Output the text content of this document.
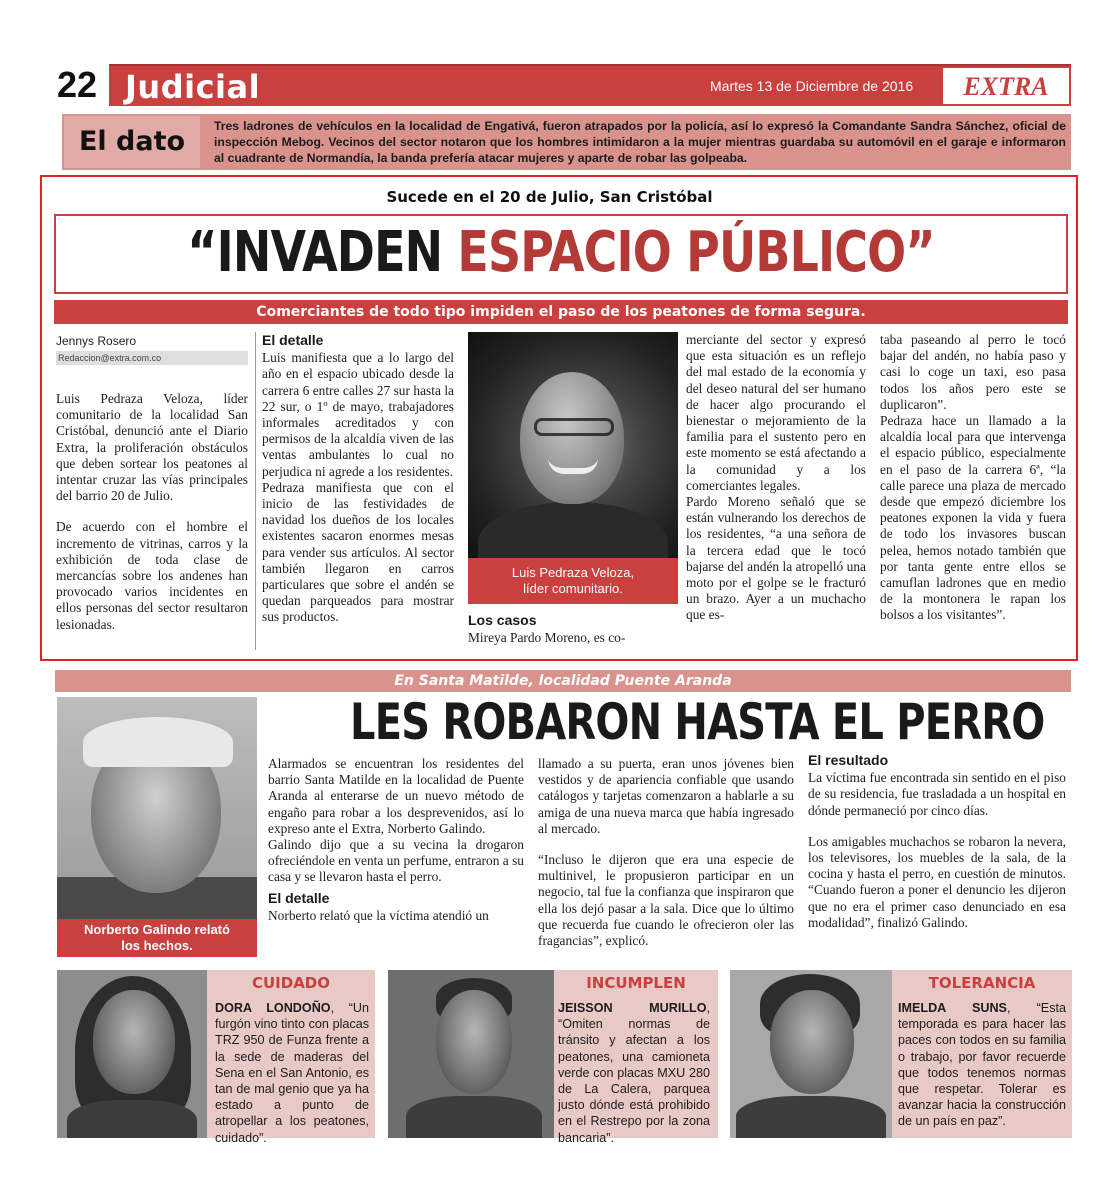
22 Judicial	Martes 13 de Diciembre de 2016	EXTRA
El dato	Tres ladrones de vehículos en la localidad de Engativá, fueron atrapados por la policía, así lo expresó la Comandante Sandra Sánchez, oficial de inspección Mebog. Vecinos del sector notaron que los hombres intimidaron a la mujer mientras guardaba su automóvil en el garaje e informaron al cuadrante de Normandía, la banda prefería atacar mujeres y aparte de robar las golpeaba.
Sucede en el 20 de Julio, San Cristóbal
“INVADEN ESPACIO PÚBLICO”
Comerciantes de todo tipo impiden el paso de los peatones de forma segura.
Jennys Rosero
Redaccion@extra.com.co

Luis Pedraza Veloza, líder comunitario de la localidad San Cristóbal, denunció ante el Diario Extra, la proliferación obstáculos que deben sortear los peatones al intentar cruzar las vías principales del barrio 20 de Julio.

De acuerdo con el hombre el incremento de vitrinas, carros y la exhibición de toda clase de mercancías sobre los andenes han provocado varios incidentes en ellos personas del sector resultaron lesionadas.

El detalle

Luis manifiesta que a lo largo del año en el espacio ubicado desde la carrera 6 entre calles 27 sur hasta la 22 sur, o 1º de mayo, trabajadores informales acreditados y con permisos de la alcaldía viven de las ventas ambulantes lo cual no perjudica ni agrede a los residentes.

Pedraza manifiesta que con el inicio de las festividades de navidad los dueños de los locales existentes sacaron enormes mesas para vender sus artículos. Al sector también llegaron en carros particulares que sobre el andén se quedan parqueados para mostrar sus productos.

Luis Pedraza Veloza,
líder comunitario.
Los casos

Mireya Pardo Moreno, es co-

merciante del sector y expresó que esta situación es un reflejo del mal estado de la economía y del deseo natural del ser humano de hacer algo procurando el bienestar o mejoramiento de la familia para el sustento pero en este momento se está afectando a la comunidad y a los comerciantes legales.

Pardo Moreno señaló que se están vulnerando los derechos de los residentes, “a una señora de la tercera edad que le tocó bajarse del andén la atropelló una moto por el golpe se le fracturó un brazo. Ayer a un muchacho que es-

taba paseando al perro le tocó bajar del andén, no había paso y casi lo coge un taxi, eso pasa todos los años pero este se duplicaron”.

Pedraza hace un llamado a la alcaldía local para que intervenga el espacio público, especialmente en el paso de la carrera 6ª, “la calle parece una plaza de mercado desde que empezó diciembre los peatones exponen la vida y fuera de todo los invasores buscan pelea, hemos notado también que por tanta gente entre ellos se camuflan ladrones que en medio de la montonera le rapan los bolsos a los visitantes”.

En Santa Matilde, localidad Puente Aranda
LES ROBARON HASTA EL PERRO
Norberto Galindo relató
los hechos.

Alarmados se encuentran los residentes del barrio Santa Matilde en la localidad de Puente Aranda al enterarse de un nuevo método de engaño para robar a los desprevenidos, así lo expreso ante el Extra, Norberto Galindo.

Galindo dijo que a su vecina la drogaron ofreciéndole en venta un perfume, entraron a su casa y se llevaron hasta el perro.

El detalle

Norberto relató que la víctima atendió un

llamado a su puerta, eran unos jóvenes bien vestidos y de apariencia confiable que usando catálogos y tarjetas comenzaron a hablarle a su amiga de una nueva marca que había ingresado al mercado.

“Incluso le dijeron que era una especie de multinivel, le propusieron participar en un negocio, tal fue la confianza que inspiraron que ella los dejó pasar a la sala. Dice que lo último que recuerda fue cuando le ofrecieron oler las fragancias”, explicó.

El resultado

La víctima fue encontrada sin sentido en el piso de su residencia, fue trasladada a un hospital en dónde permaneció por cinco días.

Los amigables muchachos se robaron la nevera, los televisores, los muebles de la sala, de la cocina y hasta el perro, en cuestión de minutos. “Cuando fueron a poner el denuncio les dijeron que no era el primer caso denunciado en esa modalidad”, finalizó Galindo.

CUIDADO
DORA LONDOÑO, “Un furgón vino tinto con placas TRZ 950 de Funza frente a la sede de maderas del Sena en el San Antonio, es tan de mal genio que ya ha estado a punto de atropellar a los peatones, cuidado”.
INCUMPLEN
JEISSON MURILLO, “Omiten normas de tránsito y afectan a los peatones, una camioneta verde con placas MXU 280 de La Calera, parquea justo dónde está prohibido en el Restrepo por la zona bancaria”.
TOLERANCIA
IMELDA SUNS, “Esta temporada es para hacer las paces con todos en su familia o trabajo, por favor recuerde que todos tenemos normas que respetar. Tolerar es avanzar hacia la construcción de un país en paz”.
